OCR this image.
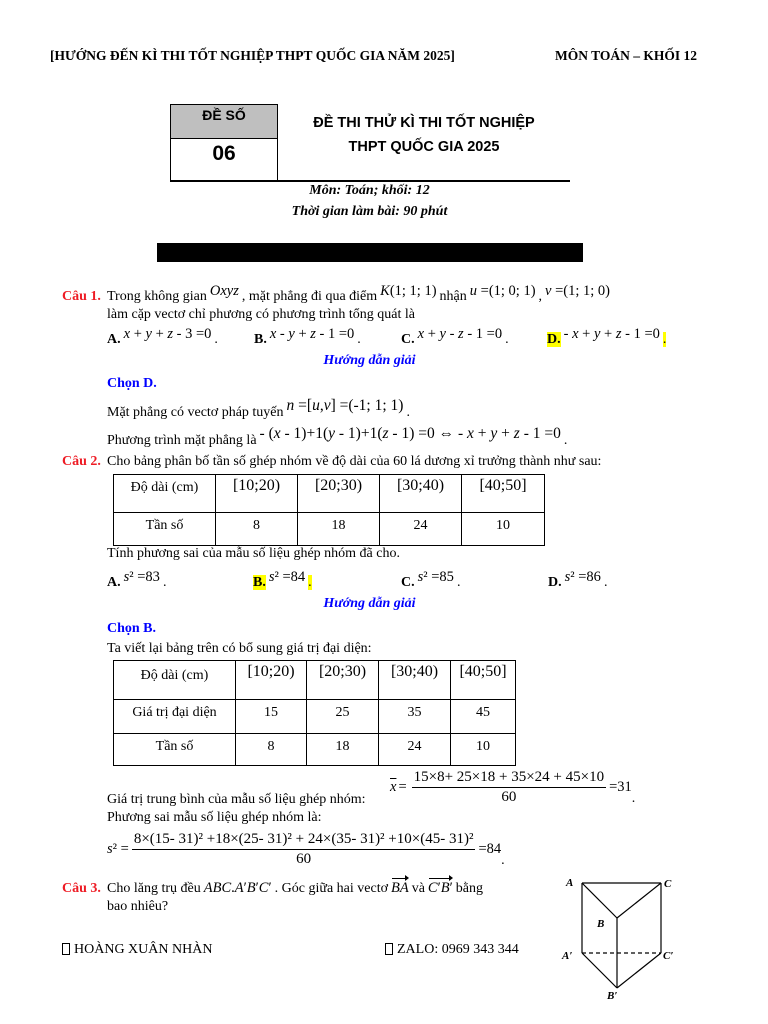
[HƯỚNG ĐẾN KÌ THI TỐT NGHIỆP THPT QUỐC GIA NĂM 2025]	MÔN TOÁN – KHỐI 12
ĐỀ SỐ
06
ĐỀ THI THỬ KÌ THI TỐT NGHIỆP
THPT QUỐC GIA 2025
Môn: Toán; khối: 12
Thời gian làm bài: 90 phút
Câu 1. Trong không gian Oxyz , mặt phẳng đi qua điểm K(1; 1; 1) nhận u =(1; 0; 1) , v =(1; 1; 0)
làm cặp vectơ chỉ phương có phương trình tổng quát là
A. x + y + z - 3 =0 .	B. x - y + z - 1 =0 .	C. x + y - z - 1 =0 .	D. - x + y + z - 1 =0 .
Hướng dẫn giải
Chọn D.
Mặt phẳng có vectơ pháp tuyến n =[u,v] =(-1; 1; 1) .
Phương trình mặt phẳng là - (x - 1)+1(y - 1)+1(z - 1) =0 ⇔ - x + y + z - 1 =0 .
Câu 2. Cho bảng phân bố tần số ghép nhóm về độ dài của 60 lá dương xỉ trưởng thành như sau:
Độ dài (cm)	[10;20)	[20;30)	[30;40)	[40;50]
Tần số	8	18	24	10
Tính phương sai của mẫu số liệu ghép nhóm đã cho.
A. s² =83 .	B. s² =84 .	C. s² =85 .	D. s² =86 .
Hướng dẫn giải
Chọn B.
Ta viết lại bảng trên có bổ sung giá trị đại diện:
Độ dài (cm)	[10;20)	[20;30)	[30;40)	[40;50]
Giá trị đại diện	15	25	35	45
Tần số	8	18	24	10
$\overline{x} = \frac{15\times 8+ 25\times 18 + 35\times 24 + 45\times 10}{60} =31$
.
Giá trị trung bình của mẫu số liệu ghép nhóm:
Phương sai mẫu số liệu ghép nhóm là:
$s^2 = \frac{\text{8×(15- 31)² +18×(25- 31)² + 24×(35- 31)² +10×(45- 31)²}}{60} =84$
.
Câu 3. Cho lăng trụ đều ABC.A′B′C′ . Góc giữa hai vectơ BA và C′B′ bằng
bao nhiêu?
A	C
B
A′	C′
B′
HOÀNG XUÂN NHÀN	ZALO: 0969 343 344
